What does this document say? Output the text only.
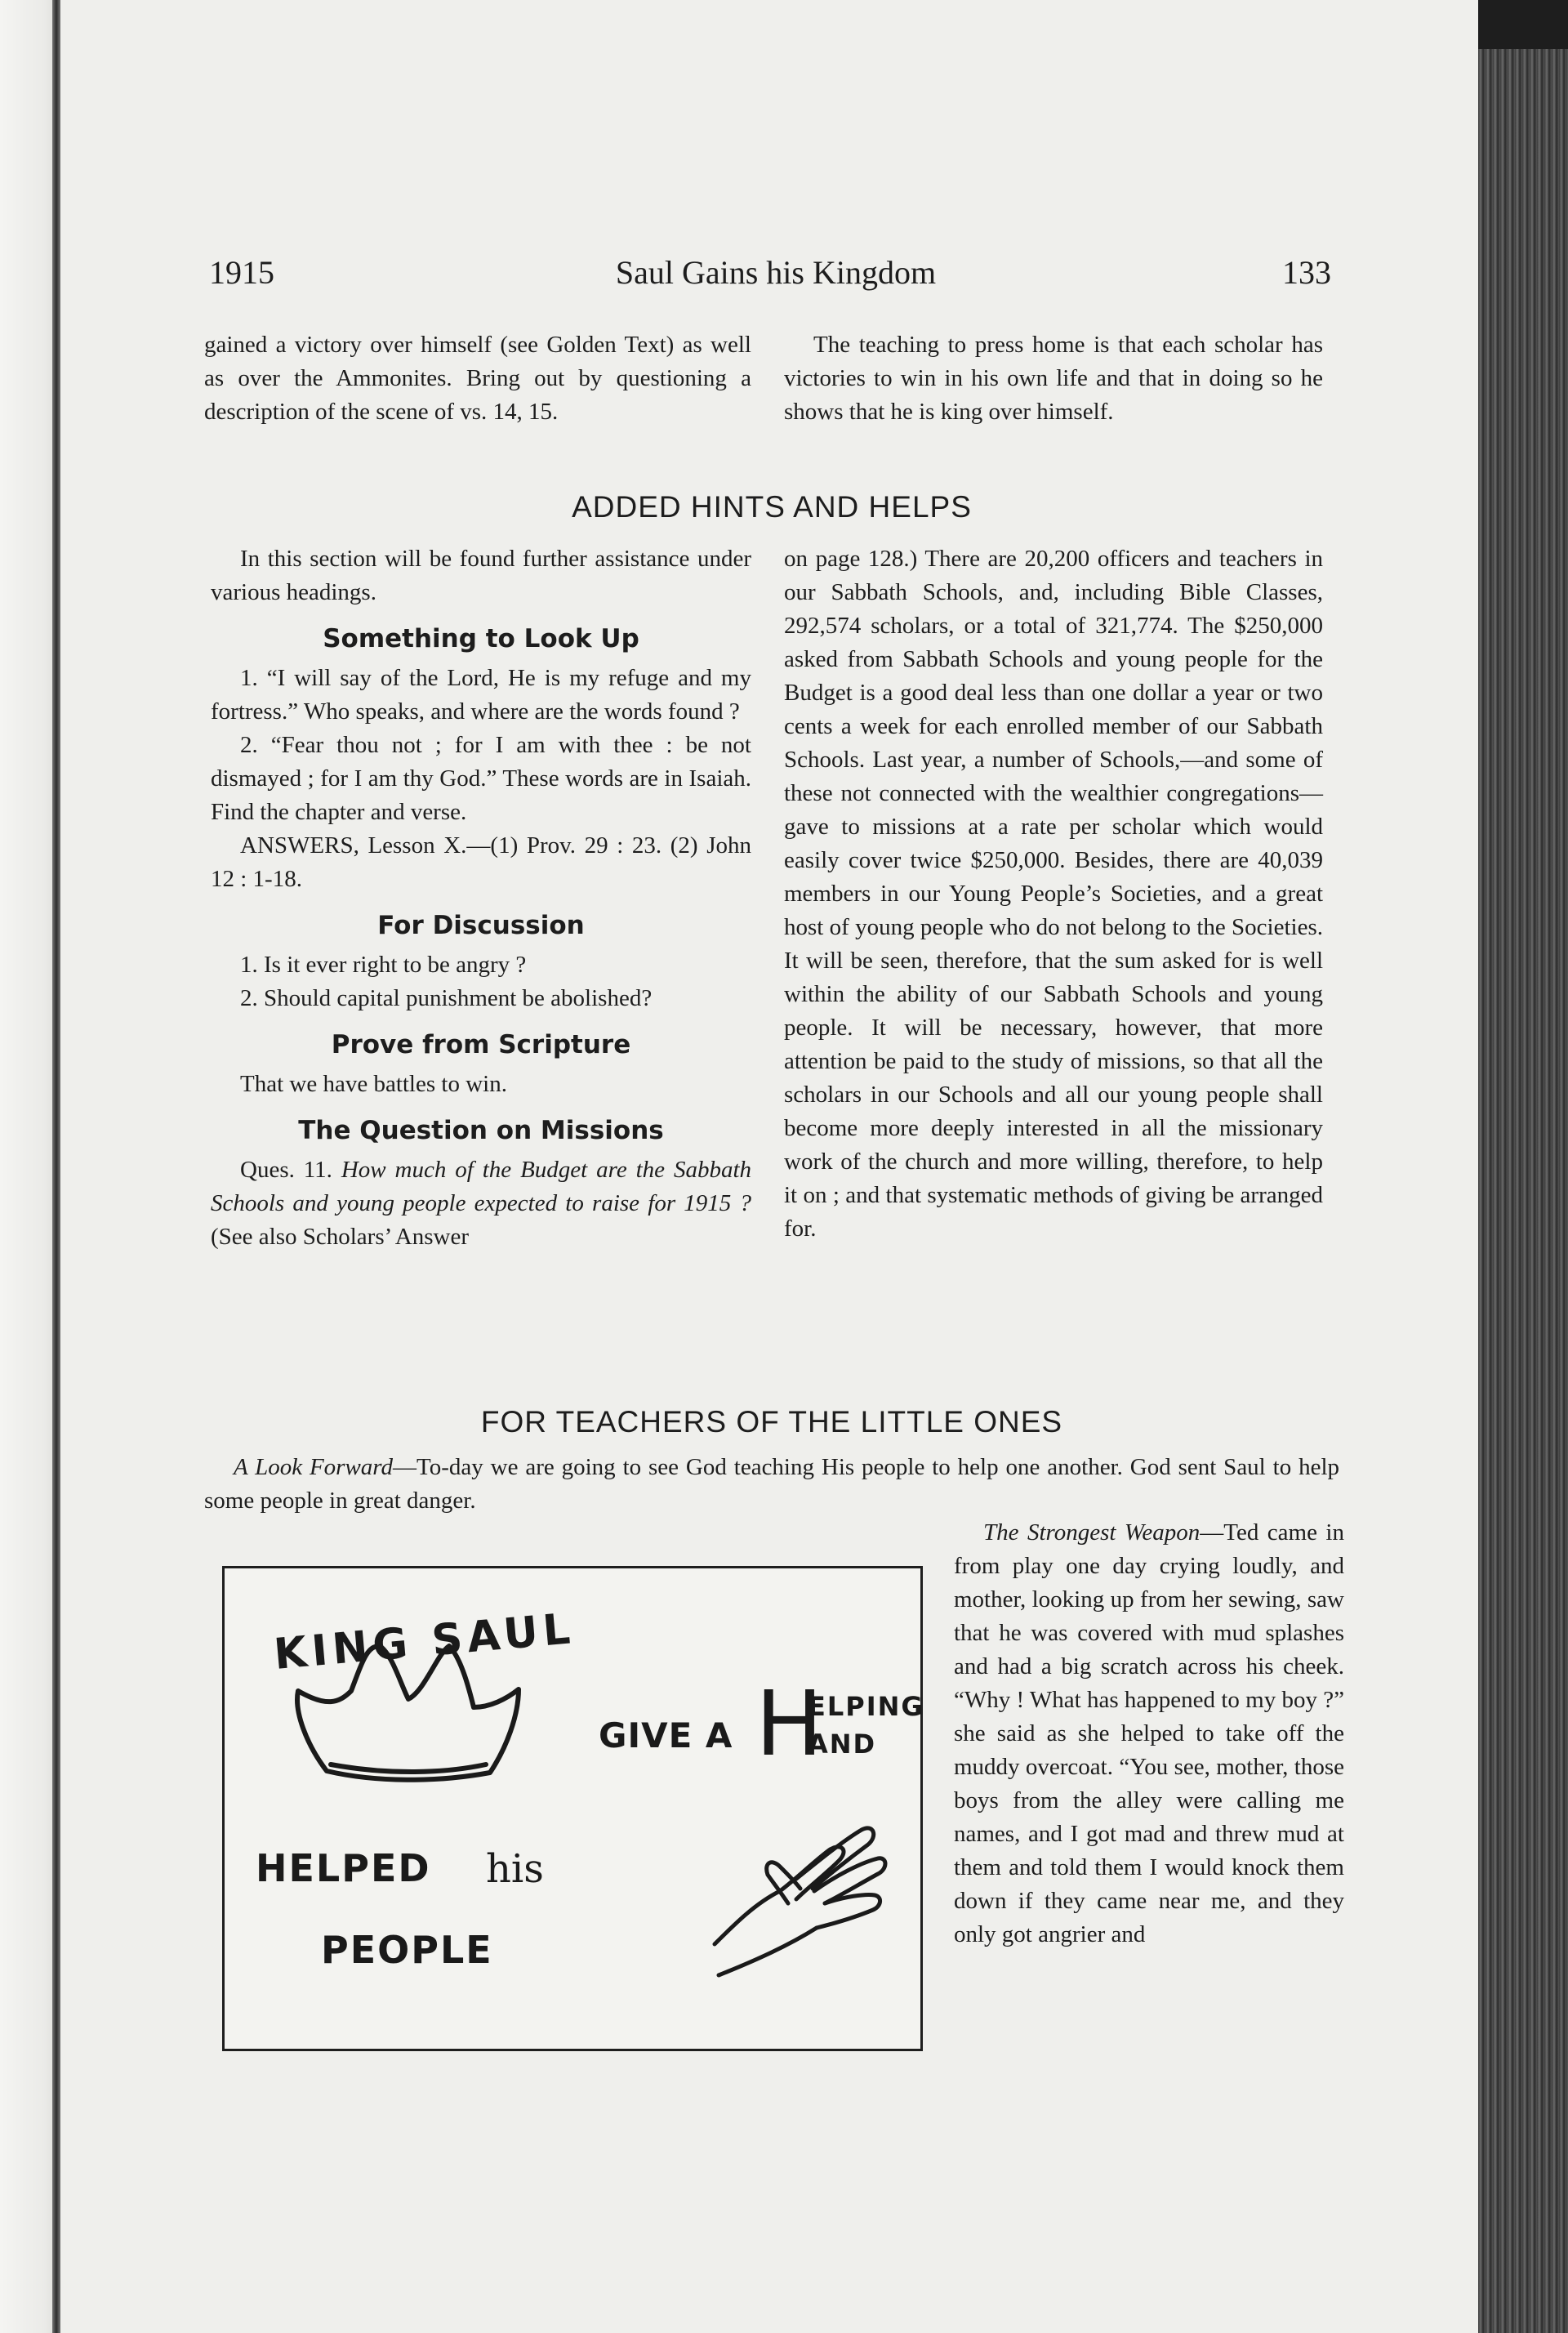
1915	Saul Gains his Kingdom	133
gained a victory over himself (see Golden Text) as well as over the Ammonites. Bring out by questioning a description of the scene of vs. 14, 15.

The teaching to press home is that each scholar has victories to win in his own life and that in doing so he shows that he is king over himself.

ADDED HINTS AND HELPS

In this section will be found further assistance under various headings.

Something to Look Up

1. “I will say of the Lord, He is my refuge and my fortress.” Who speaks, and where are the words found ?

2. “Fear thou not ; for I am with thee : be not dismayed ; for I am thy God.” These words are in Isaiah. Find the chapter and verse.

ANSWERS, Lesson X.—(1) Prov. 29 : 23. (2) John 12 : 1-18.

For Discussion

1. Is it ever right to be angry ?

2. Should capital punishment be abolished?

Prove from Scripture

That we have battles to win.

The Question on Missions

Ques. 11. How much of the Budget are the Sabbath Schools and young people expected to raise for 1915 ? (See also Scholars’ Answer

on page 128.) There are 20,200 officers and teachers in our Sabbath Schools, and, including Bible Classes, 292,574 scholars, or a total of 321,774. The $250,000 asked from Sabbath Schools and young people for the Budget is a good deal less than one dollar a year or two cents a week for each enrolled member of our Sabbath Schools. Last year, a number of Schools,—and some of these not connected with the wealthier congregations—gave to missions at a rate per scholar which would easily cover twice $250,000. Besides, there are 40,039 members in our Young People’s Societies, and a great host of young people who do not belong to the Societies. It will be seen, therefore, that the sum asked for is well within the ability of our Sabbath Schools and young people. It will be necessary, however, that more attention be paid to the study of missions, so that all the scholars in our Schools and all our young people shall become more deeply interested in all the missionary work of the church and more willing, therefore, to help it on ; and that systematic methods of giving be arranged for.

FOR TEACHERS OF THE LITTLE ONES

A Look Forward—To-day we are going to see God teaching His people to help one another. God sent Saul to help some people in great danger.

KING SAUL
HELPED his
PEOPLE
GIVE A H
ELPING
AND

The Strongest Weapon—Ted came in from play one day crying loudly, and mother, looking up from her sewing, saw that he was covered with mud splashes and had a big scratch across his cheek. “Why ! What has happened to my boy ?” she said as she helped to take off the muddy overcoat. “You see, mother, those boys from the alley were calling me names, and I got mad and threw mud at them and told them I would knock them down if they came near me, and they only got angrier and
